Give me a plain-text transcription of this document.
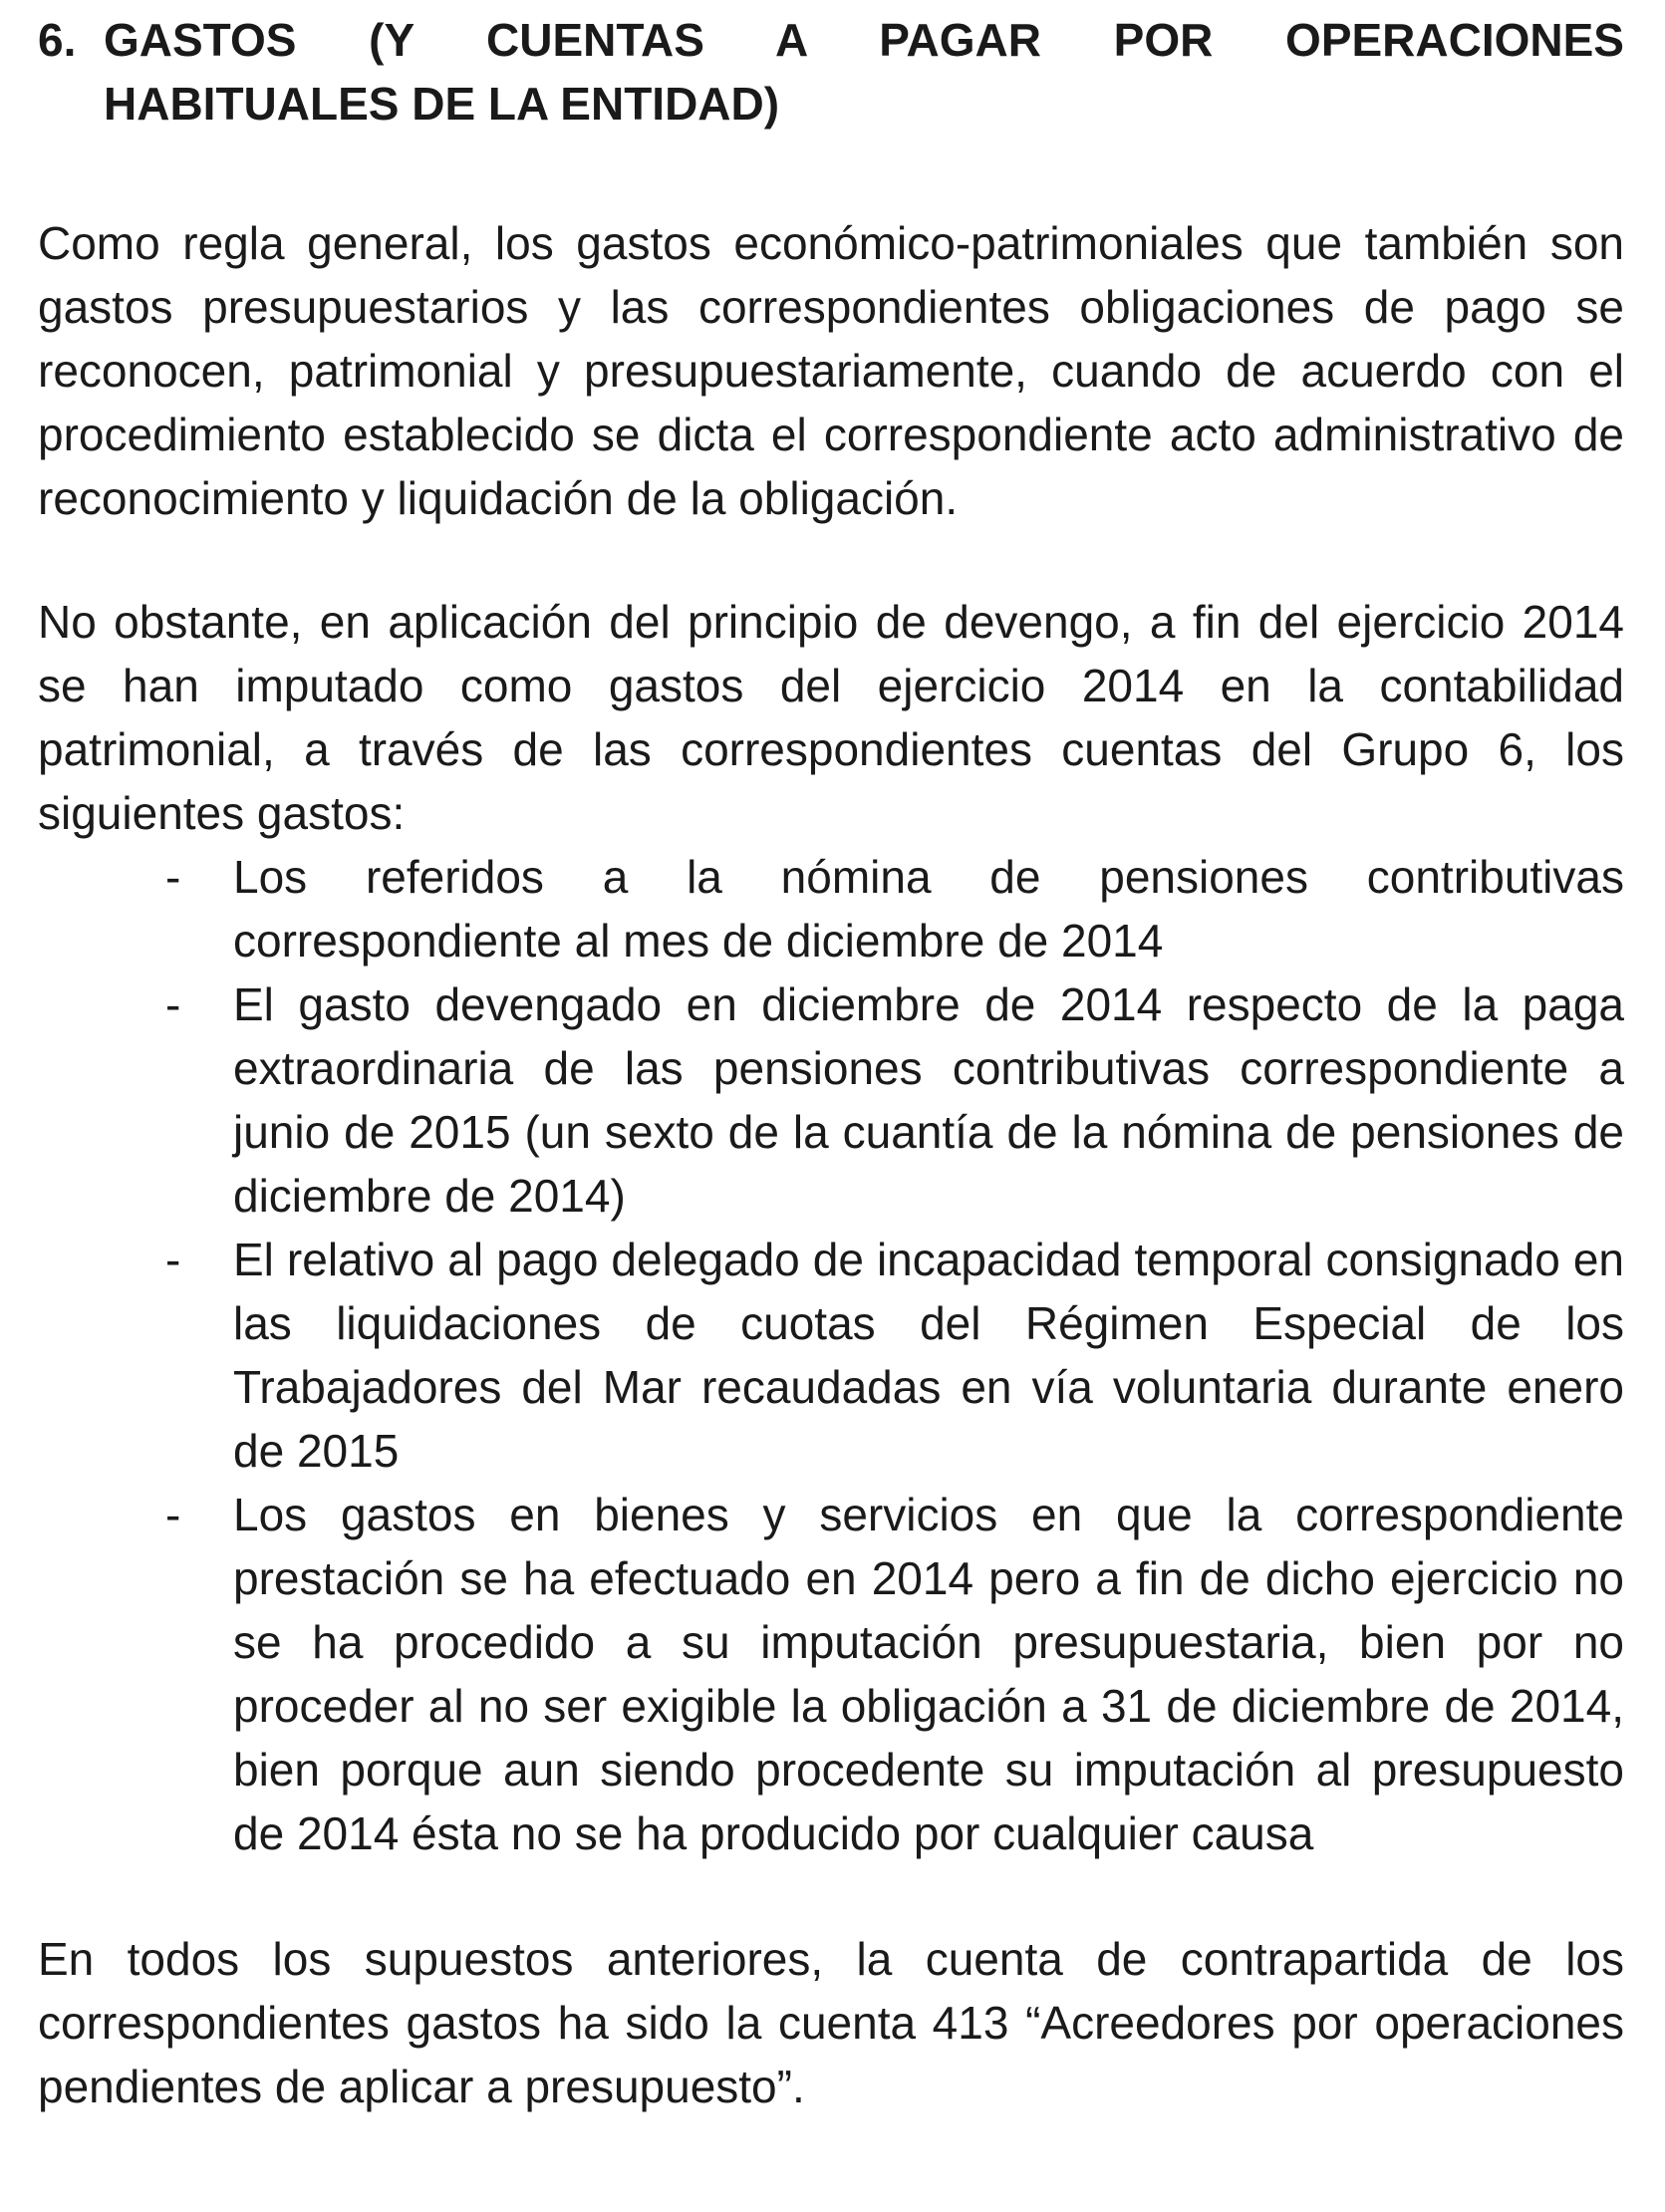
6. GASTOS (Y CUENTAS A PAGAR POR OPERACIONES
HABITUALES DE LA ENTIDAD)

Como regla general, los gastos económico-patrimoniales que también son gastos presupuestarios y las correspondientes obligaciones de pago se reconocen, patrimonial y presupuestariamente, cuando de acuerdo con el procedimiento establecido se dicta el correspondiente acto administrativo de reconocimiento y liquidación de la obligación.

No obstante, en aplicación del principio de devengo, a fin del ejercicio 2014 se han imputado como gastos del ejercicio 2014 en la contabilidad patrimonial, a través de las correspondientes cuentas del Grupo 6, los siguientes gastos:

-	Los referidos a la nómina de pensiones contributivas correspondiente al mes de diciembre de 2014
-	El gasto devengado en diciembre de 2014 respecto de la paga extraordinaria de las pensiones contributivas correspondiente a junio de 2015 (un sexto de la cuantía de la nómina de pensiones de diciembre de 2014)
-	El relativo al pago delegado de incapacidad temporal consignado en las liquidaciones de cuotas del Régimen Especial de los Trabajadores del Mar recaudadas en vía voluntaria durante enero de 2015
-	Los gastos en bienes y servicios en que la correspondiente prestación se ha efectuado en 2014 pero a fin de dicho ejercicio no se ha procedido a su imputación presupuestaria, bien por no proceder al no ser exigible la obligación a 31 de diciembre de 2014, bien porque aun siendo procedente su imputación al presupuesto de 2014 ésta no se ha producido por cualquier causa

En todos los supuestos anteriores, la cuenta de contrapartida de los correspondientes gastos ha sido la cuenta 413 “Acreedores por operaciones pendientes de aplicar a presupuesto”.
